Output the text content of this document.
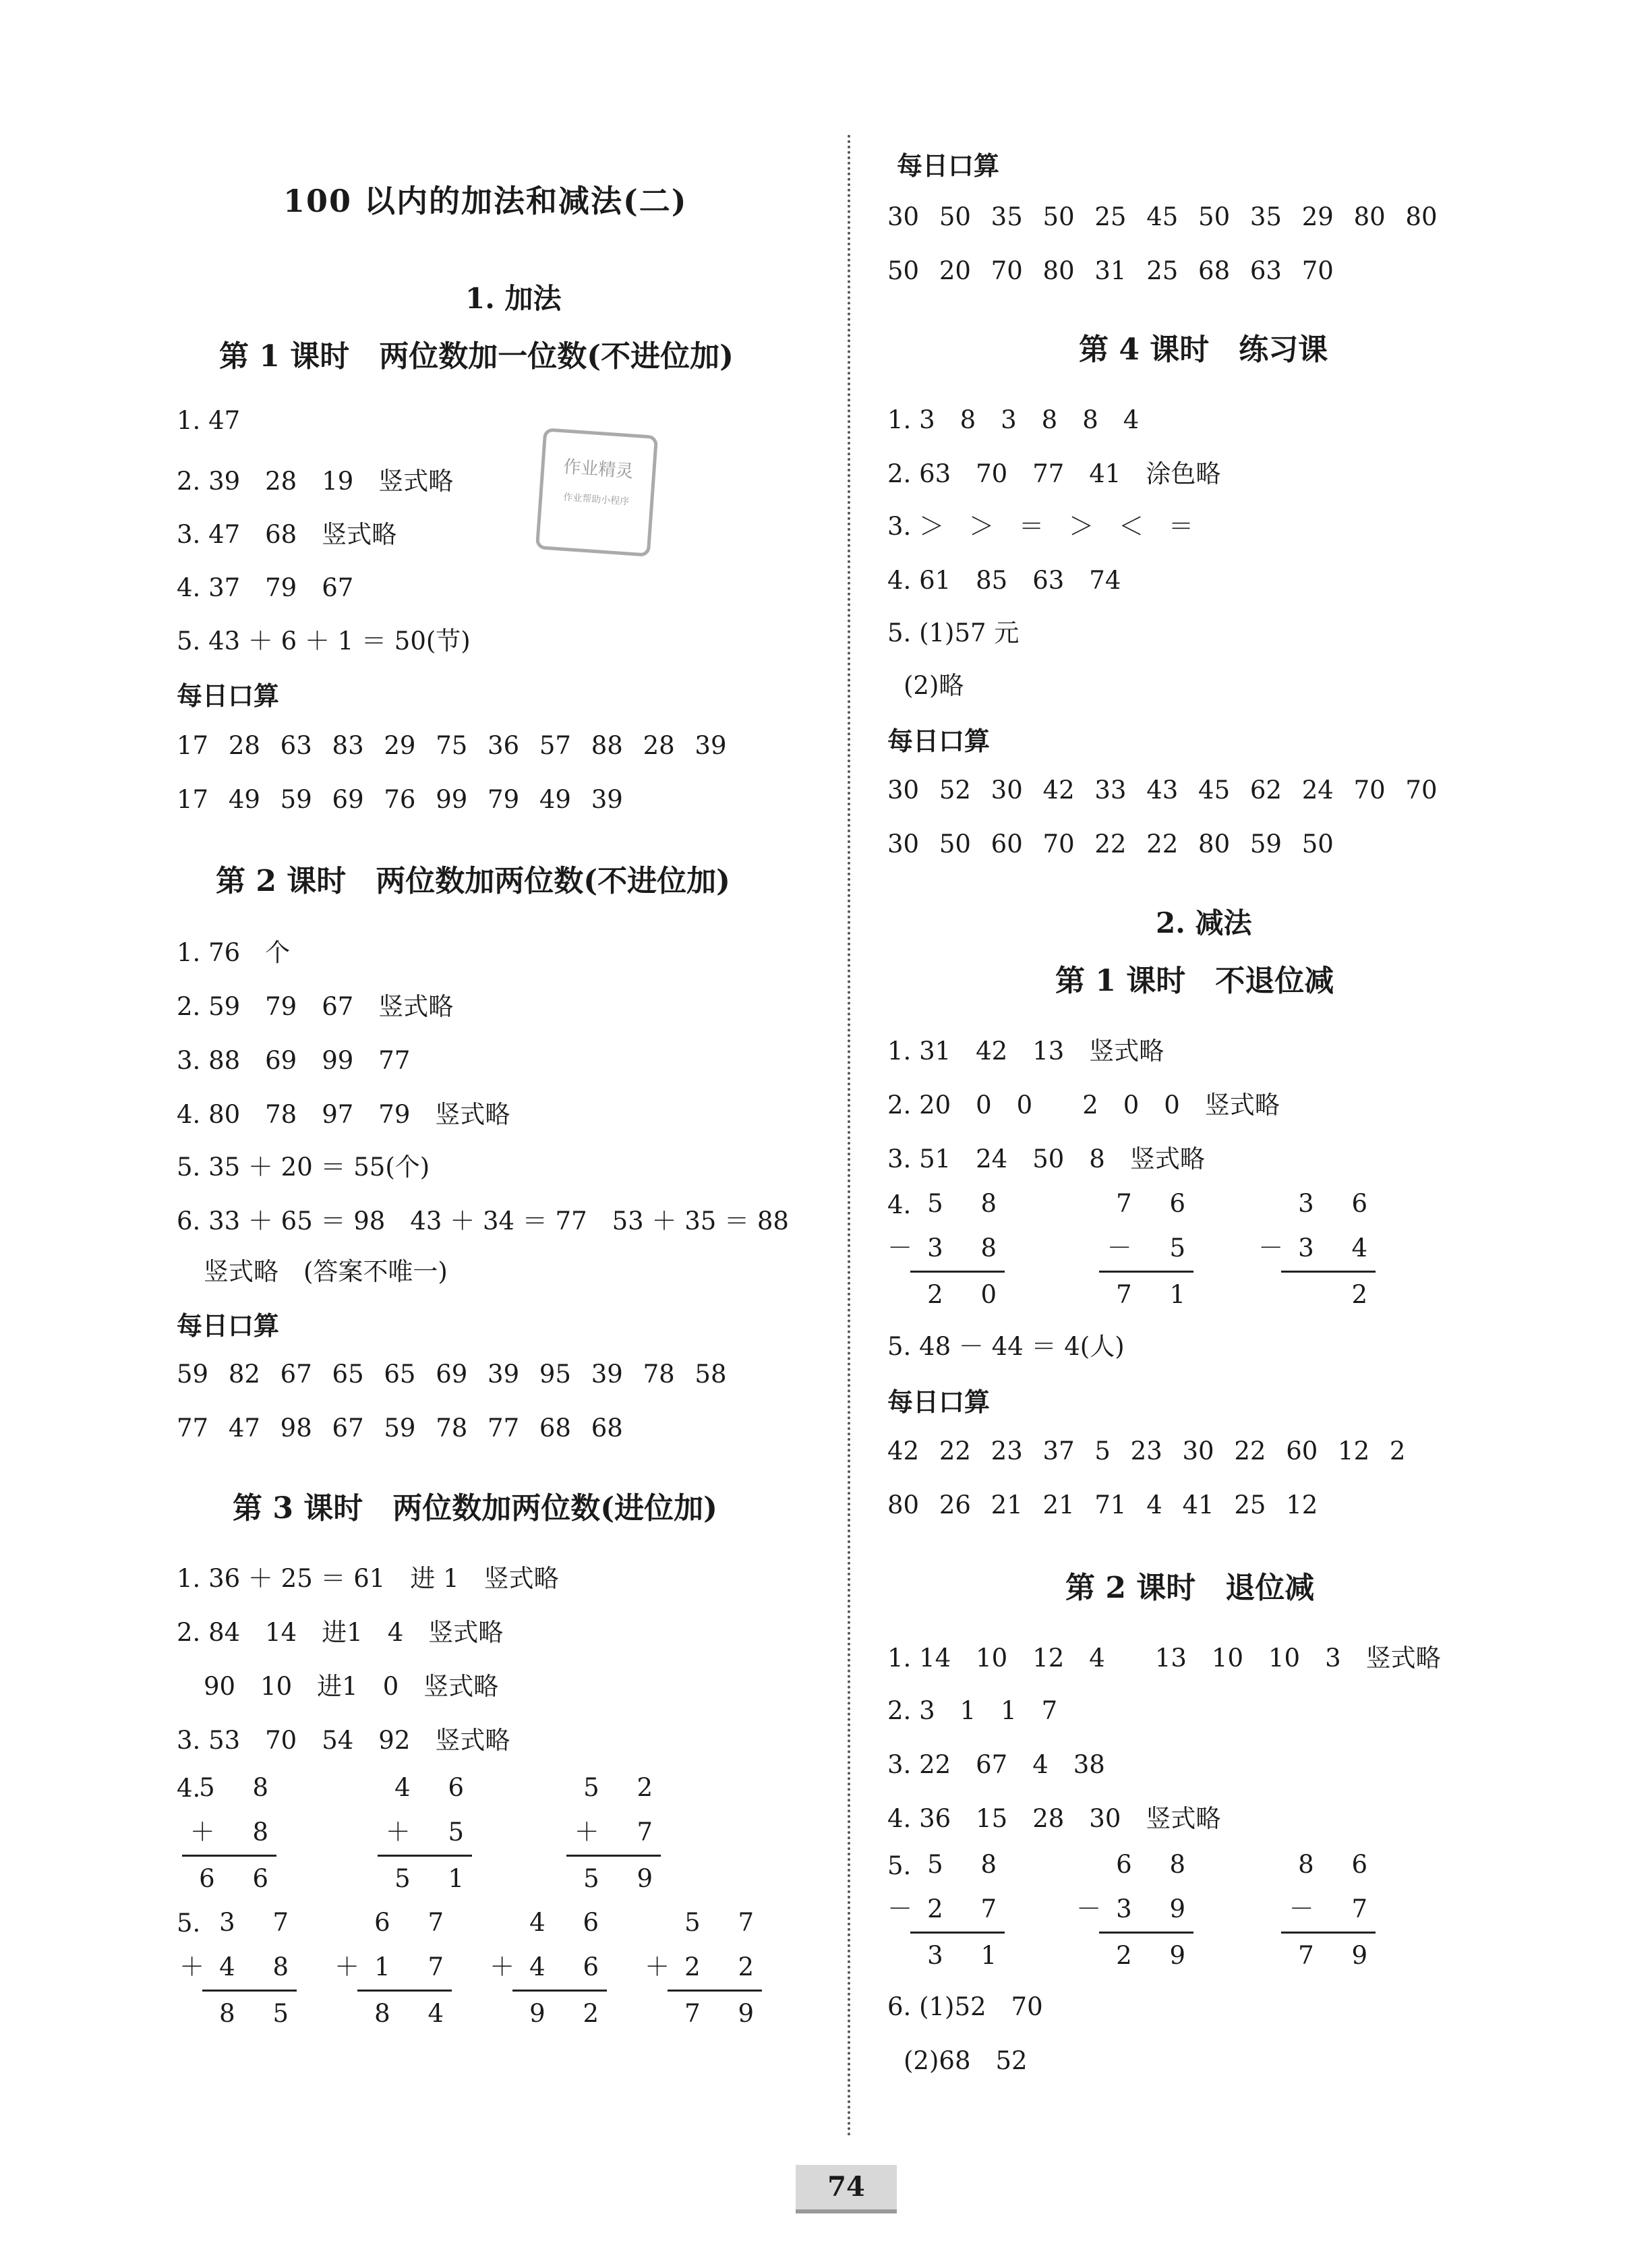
100 以内的加法和减法(二)
1. 加法
第 1 课时　两位数加一位数(不进位加)
1. 47
2. 39　28　19　竖式略
3. 47　68　竖式略
4. 37　79　67
5. 43 ＋ 6 ＋ 1 ＝ 50(节)
每日口算
17 28 63 83 29 75 36 57 88 28 39
17 49 59 69 76 99 79 49 39
作业精灵
作业帮助小程序
第 2 课时　两位数加两位数(不进位加)
1. 76　个
2. 59　79　67　竖式略
3. 88　69　99　77
4. 80　78　97　79　竖式略
5. 35 ＋ 20 ＝ 55(个)
6. 33 ＋ 65 ＝ 98　43 ＋ 34 ＝ 77　53 ＋ 35 ＝ 88
竖式略　(答案不唯一)
每日口算
59 82 67 65 65 69 39 95 39 78 58
77 47 98 67 59 78 77 68 68
第 3 课时　两位数加两位数(进位加)
1. 36 ＋ 25 ＝ 61　进 1　竖式略
2. 84　14　进1　4　竖式略
90　10　进1　0　竖式略
3. 53　70　54　92　竖式略
4.
5 8
＋ 8
6 6
4 6
＋ 5
5 1
5 2
＋ 7
5 9
5. 3 7
＋4 8
8 5
6 7
＋1 7
8 4
4 6
＋4 6
9 2
5 7
＋2 2
7 9
每日口算
30 50 35 50 25 45 50 35 29 80 80
50 20 70 80 31 25 68 63 70
第 4 课时　练习课
1. 3　8　3　8　8　4
2. 63　70　77　41　涂色略
3. ＞　＞　＝　＞　＜　＝
4. 61　85　63　74
5. (1)57 元
(2)略
每日口算
30 52 30 42 33 43 45 62 24 70 70
30 50 60 70 22 22 80 59 50
2. 减法
第 1 课时　不退位减
1. 31　42　13　竖式略
2. 20　0　0　　2　0　0　竖式略
3. 51　24　50　8　竖式略
4. 5 8
－3 8
2 0
7 6
－ 5
7 1
3 6
－3 4
2
5. 48 － 44 ＝ 4(人)
每日口算
42 22 23 37 5 23 30 22 60 12 2
80 26 21 21 71 4 41 25 12
第 2 课时　退位减
1. 14　10　12　4　　13　10　10　3　竖式略
2. 3　1　1　7
3. 22　67　4　38
4. 36　15　28　30　竖式略
5. 5 8
－2 7
3 1
6 8
－3 9
2 9
8 6
－ 7
7 9
6. (1)52　70
(2)68　52
74
